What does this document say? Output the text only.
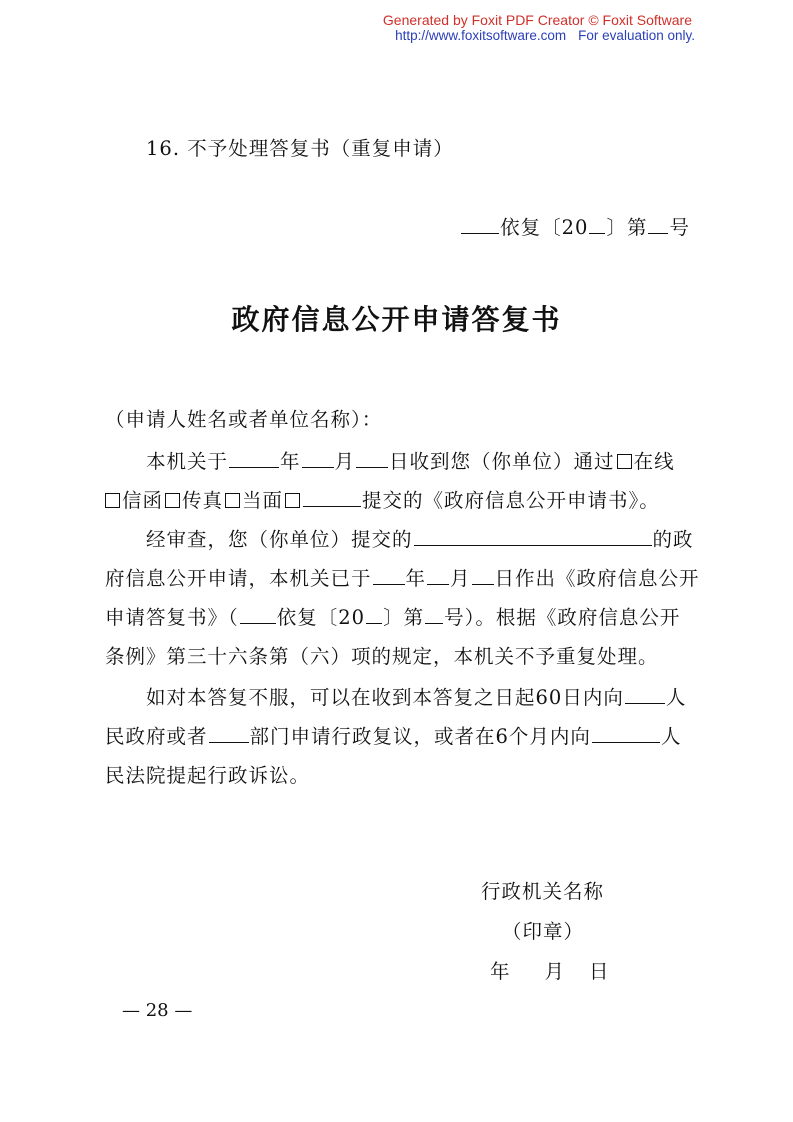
Generated by Foxit PDF Creator © Foxit Software
http://www.foxitsoftware.com For evaluation only.
16. 不予处理答复书（重复申请）
依复〔20 〕第 号
政府信息公开申请答复书
（申请人姓名或者单位名称）：
本机关于	年 月 日收到您（你单位）通过 在线
信函 传真 当面	提交的《政府信息公开申请书》。
经审查，您（你单位）提交的	的政
府信息公开申请，本机关已于 年 月 日作出《政府信息公开
申请答复书》（ 依复〔20 〕第 号）。根据《政府信息公开
条例》第三十六条第（六）项的规定，本机关不予重复处理。
如对本答复不服，可以在收到本答复之日起60日内向 人
民政府或者 部门申请行政复议，或者在6个月内向	人
民法院提起行政诉讼。
行政机关名称
（印章）
年 月 日
— 28 —
